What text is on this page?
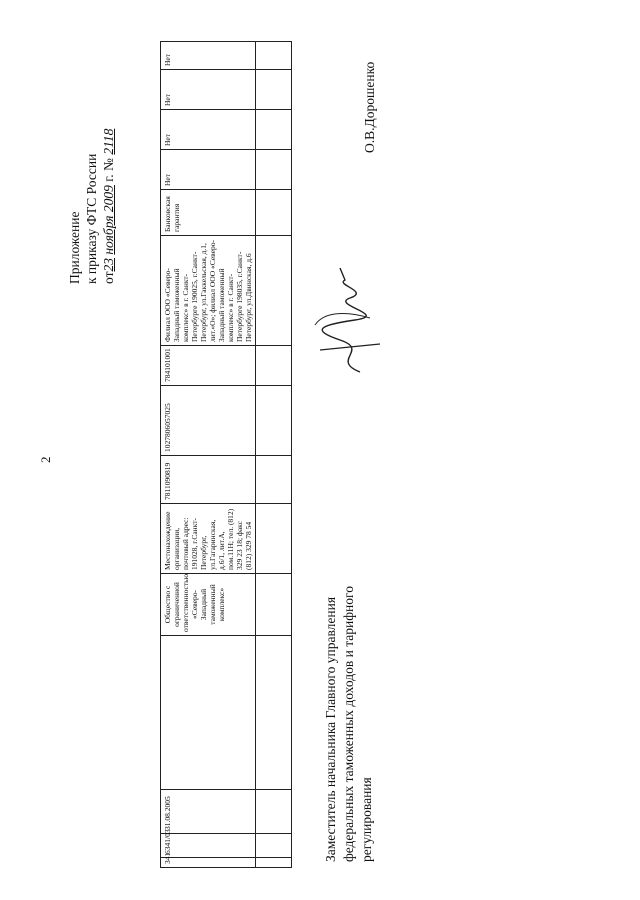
2
Приложение к приказу ФТС России от23 ноября 2009 г. № 2118
341	6341/03	31.08.2005		Общество с ограниченной ответственностью «Северо-Западный таможенный комплекс»	Местонахождение организации, почтовый адрес: 191028, г.Санкт-Петербург, ул.Гагаринская, д.6/1, лит.А, пом.11Н; тел. (812) 329 23 18; факс (812) 329 78 54	7811090819	1027806057025	784101001	Филиал ООО «Северо-Западный таможенный комплекс» в г. Санкт-Петербурге 190025, г.Санкт-Петербург, ул.Гаккельская, д.1, лит.«О»; филиал ООО «Северо-Западный таможенный комплекс» в г. Санкт-Петербурге 198035, г.Санкт-Петербург, ул.Двинская, д.6	Банковская гарантия	Нет	Нет	Нет	Нет

Заместитель начальника Главного управления федеральных таможенных доходов и тарифного регулирования
О.В.Дорошенко
